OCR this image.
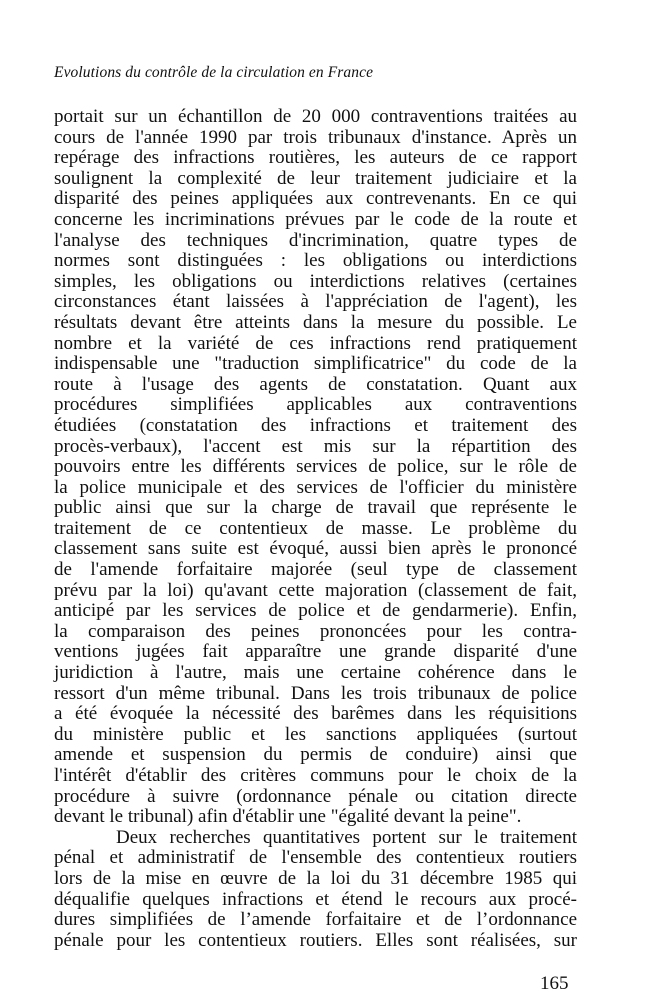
Evolutions du contrôle de la circulation en France
portait sur un échantillon de 20 000 contraventions traitées au
cours de l'année 1990 par trois tribunaux d'instance. Après un
repérage des infractions routières, les auteurs de ce rapport
soulignent la complexité de leur traitement judiciaire et la
disparité des peines appliquées aux contrevenants. En ce qui
concerne les incriminations prévues par le code de la route et
l'analyse des techniques d'incrimination, quatre types de
normes sont distinguées : les obligations ou interdictions
simples, les obligations ou interdictions relatives (certaines
circonstances étant laissées à l'appréciation de l'agent), les
résultats devant être atteints dans la mesure du possible. Le
nombre et la variété de ces infractions rend pratiquement
indispensable une "traduction simplificatrice" du code de la
route à l'usage des agents de constatation. Quant aux
procédures simplifiées applicables aux contraventions
étudiées (constatation des infractions et traitement des
procès-verbaux), l'accent est mis sur la répartition des
pouvoirs entre les différents services de police, sur le rôle de
la police municipale et des services de l'officier du ministère
public ainsi que sur la charge de travail que représente le
traitement de ce contentieux de masse. Le problème du
classement sans suite est évoqué, aussi bien après le prononcé
de l'amende forfaitaire majorée (seul type de classement
prévu par la loi) qu'avant cette majoration (classement de fait,
anticipé par les services de police et de gendarmerie). Enfin,
la comparaison des peines prononcées pour les contra-
ventions jugées fait apparaître une grande disparité d'une
juridiction à l'autre, mais une certaine cohérence dans le
ressort d'un même tribunal. Dans les trois tribunaux de police
a été évoquée la nécessité des barêmes dans les réquisitions
du ministère public et les sanctions appliquées (surtout
amende et suspension du permis de conduire) ainsi que
l'intérêt d'établir des critères communs pour le choix de la
procédure à suivre (ordonnance pénale ou citation directe
devant le tribunal) afin d'établir une "égalité devant la peine".
Deux recherches quantitatives portent sur le traitement
pénal et administratif de l'ensemble des contentieux routiers
lors de la mise en œuvre de la loi du 31 décembre 1985 qui
déqualifie quelques infractions et étend le recours aux procé-
dures simplifiées de l’amende forfaitaire et de l’ordonnance
pénale pour les contentieux routiers. Elles sont réalisées, sur
165
